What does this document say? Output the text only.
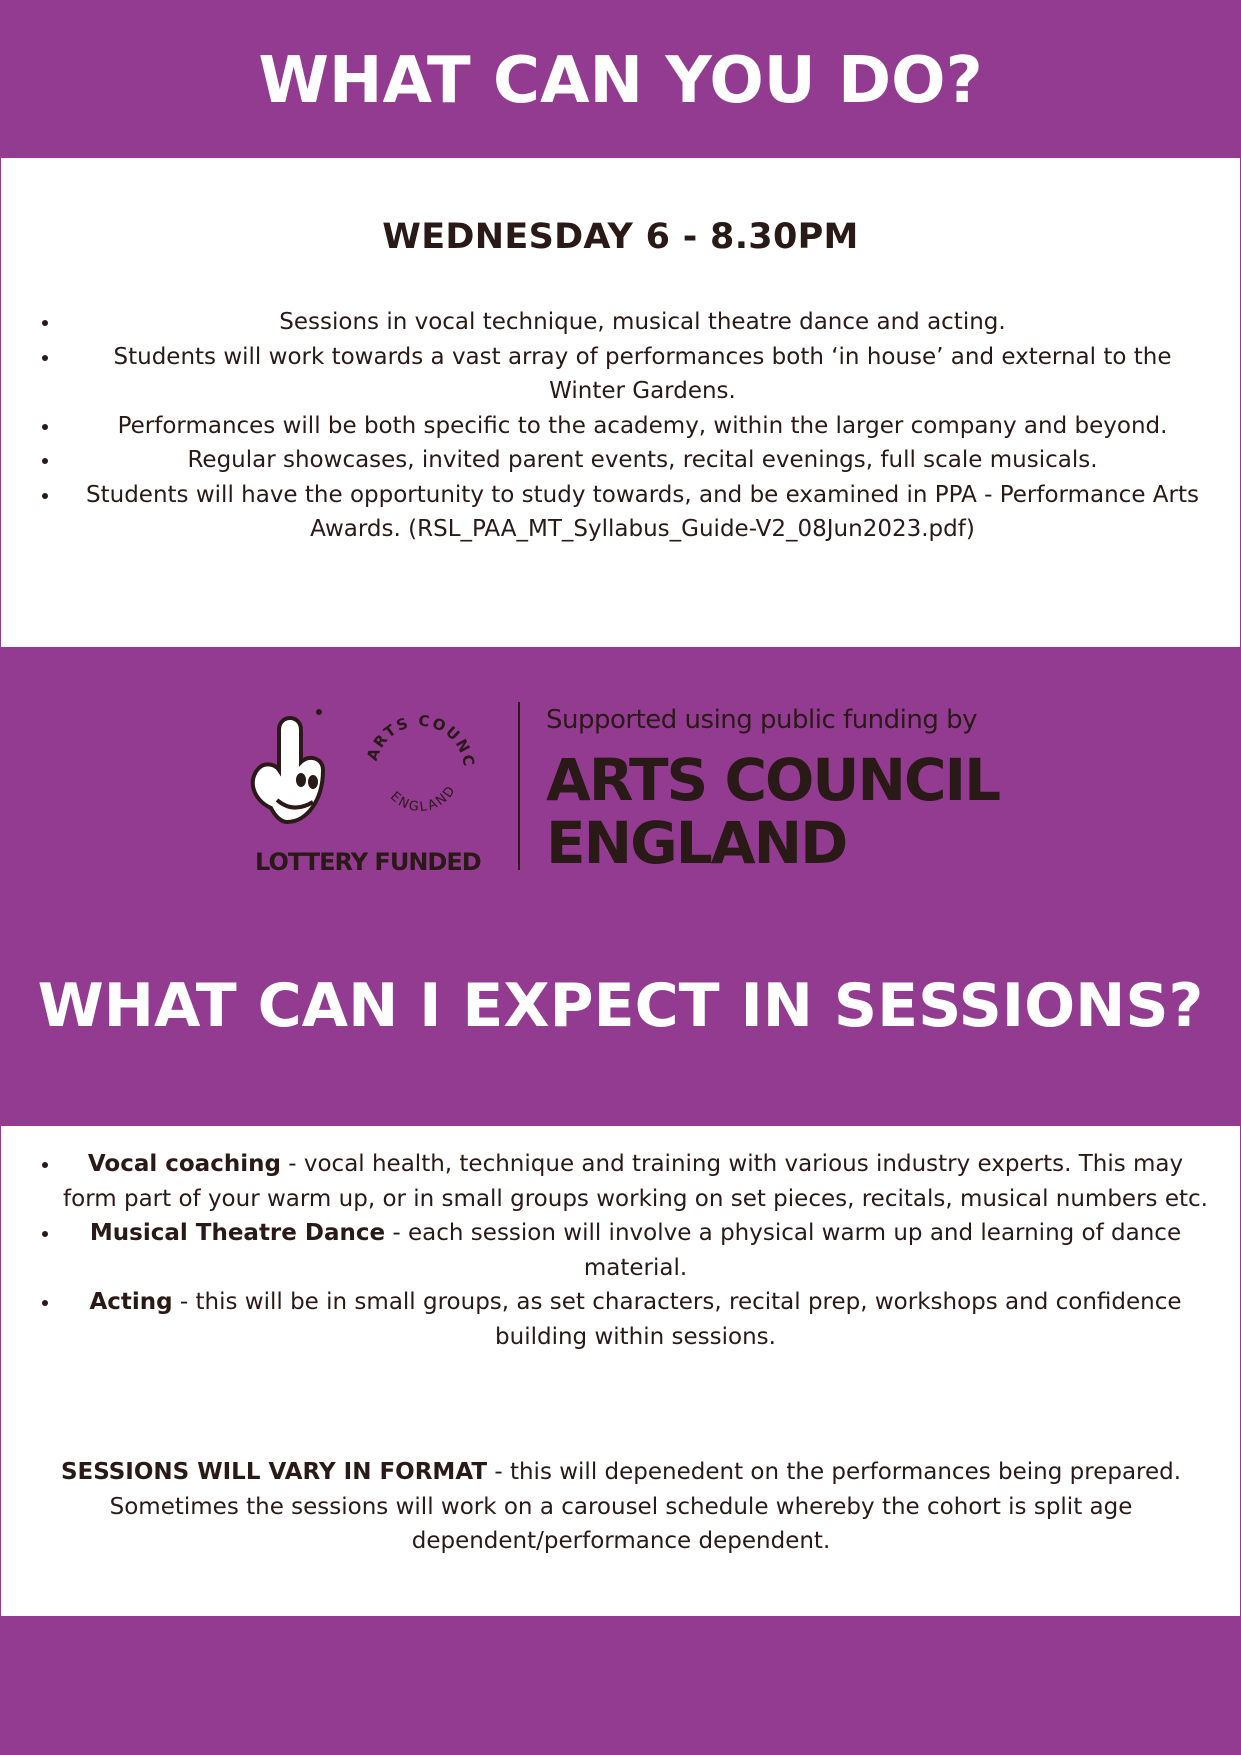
WHAT CAN YOU DO?
WEDNESDAY 6 - 8.30PM
• Sessions in vocal technique, musical theatre dance and acting.
• Students will work towards a vast array of performances both ‘in house’ and external to the Winter Gardens.
• Performances will be both specific to the academy, within the larger company and beyond.
• Regular showcases, invited parent events, recital evenings, full scale musicals.
• Students will have the opportunity to study towards, and be examined in PPA - Performance Arts Awards. (RSL_PAA_MT_Syllabus_Guide-V2_08Jun2023.pdf)
LOTTERY FUNDED
ARTS COUNC
ENGLAND
Supported using public funding by
ARTS COUNCIL
ENGLAND
WHAT CAN I EXPECT IN SESSIONS?
• Vocal coaching - vocal health, technique and training with various industry experts. This may form part of your warm up, or in small groups working on set pieces, recitals, musical numbers etc.
• Musical Theatre Dance - each session will involve a physical warm up and learning of dance material.
• Acting - this will be in small groups, as set characters, recital prep, workshops and confidence building within sessions.
SESSIONS WILL VARY IN FORMAT - this will depenedent on the performances being prepared. Sometimes the sessions will work on a carousel schedule whereby the cohort is split age dependent/performance dependent.
